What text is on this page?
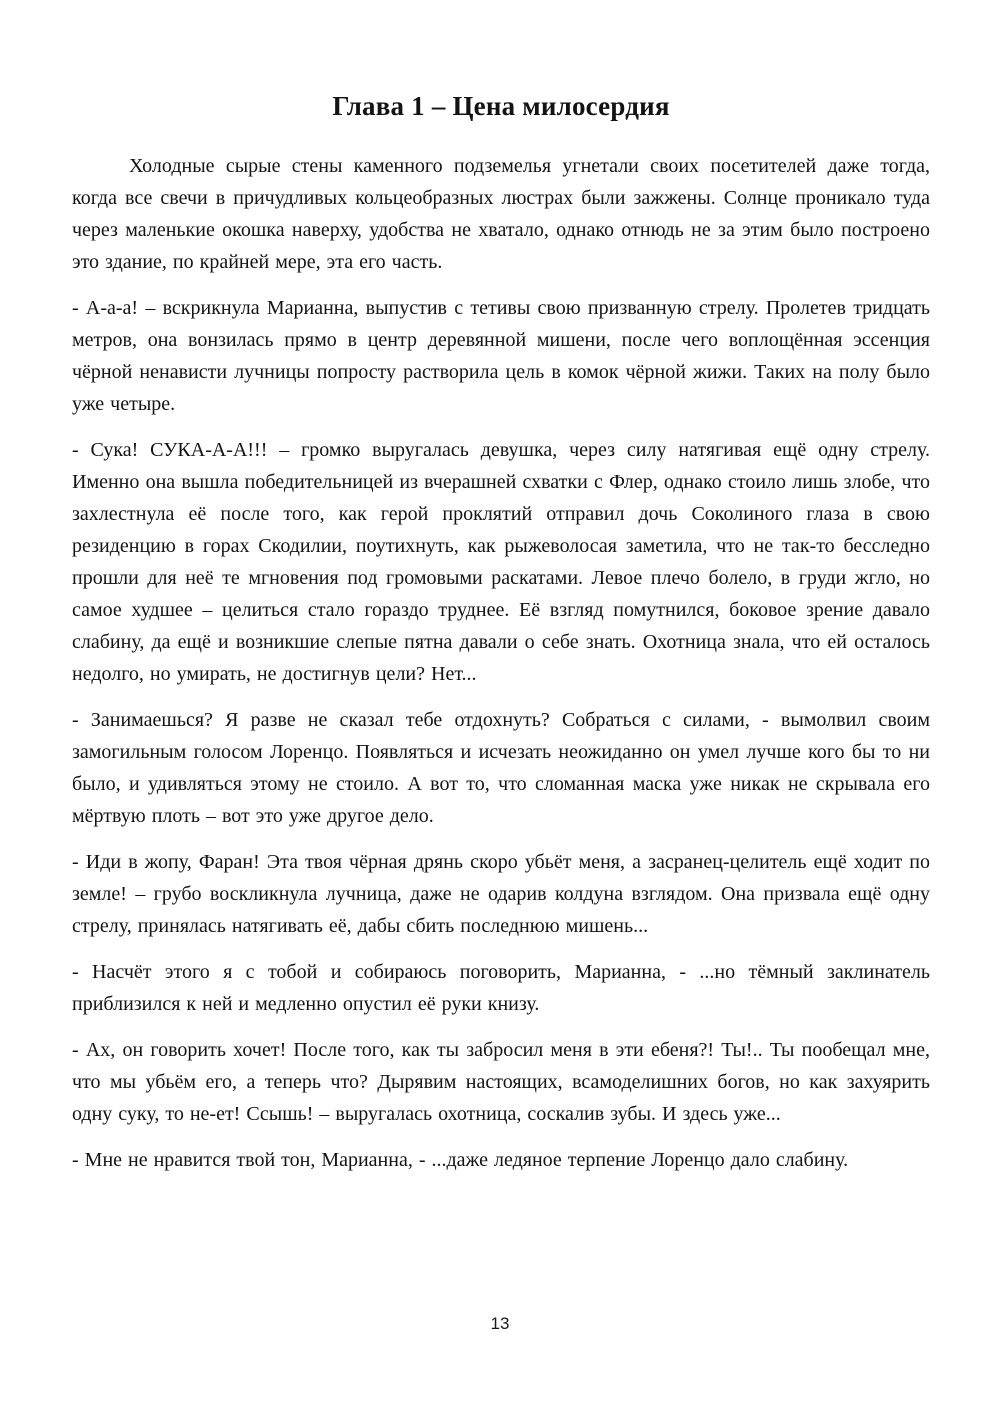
Глава 1 – Цена милосердия

Холодные сырые стены каменного подземелья угнетали своих посетителей даже тогда, когда все свечи в причудливых кольцеобразных люстрах были зажжены. Солнце проникало туда через маленькие окошка наверху, удобства не хватало, однако отнюдь не за этим было построено это здание, по крайней мере, эта его часть.

- А-а-а! – вскрикнула Марианна, выпустив с тетивы свою призванную стрелу. Пролетев тридцать метров, она вонзилась прямо в центр деревянной мишени, после чего воплощённая эссенция чёрной ненависти лучницы попросту растворила цель в комок чёрной жижи. Таких на полу было уже четыре.

- Сука! СУКА-А-А!!! – громко выругалась девушка, через силу натягивая ещё одну стрелу. Именно она вышла победительницей из вчерашней схватки с Флер, однако стоило лишь злобе, что захлестнула её после того, как герой проклятий отправил дочь Соколиного глаза в свою резиденцию в горах Скодилии, поутихнуть, как рыжеволосая заметила, что не так-то бесследно прошли для неё те мгновения под громовыми раскатами. Левое плечо болело, в груди жгло, но самое худшее – целиться стало гораздо труднее. Её взгляд помутнился, боковое зрение давало слабину, да ещё и возникшие слепые пятна давали о себе знать. Охотница знала, что ей осталось недолго, но умирать, не достигнув цели? Нет...

- Занимаешься? Я разве не сказал тебе отдохнуть? Собраться с силами, - вымолвил своим замогильным голосом Лоренцо. Появляться и исчезать неожиданно он умел лучше кого бы то ни было, и удивляться этому не стоило. А вот то, что сломанная маска уже никак не скрывала его мёртвую плоть – вот это уже другое дело.

- Иди в жопу, Фаран! Эта твоя чёрная дрянь скоро убьёт меня, а засранец-целитель ещё ходит по земле! – грубо воскликнула лучница, даже не одарив колдуна взглядом. Она призвала ещё одну стрелу, принялась натягивать её, дабы сбить последнюю мишень...

- Насчёт этого я с тобой и собираюсь поговорить, Марианна, - ...но тёмный заклинатель приблизился к ней и медленно опустил её руки книзу.

- Ах, он говорить хочет! После того, как ты забросил меня в эти ебеня?! Ты!.. Ты пообещал мне, что мы убьём его, а теперь что? Дырявим настоящих, всамоделишних богов, но как захуярить одну суку, то не-ет! Ссышь! – выругалась охотница, соскалив зубы. И здесь уже...

- Мне не нравится твой тон, Марианна, - ...даже ледяное терпение Лоренцо дало слабину.

13
